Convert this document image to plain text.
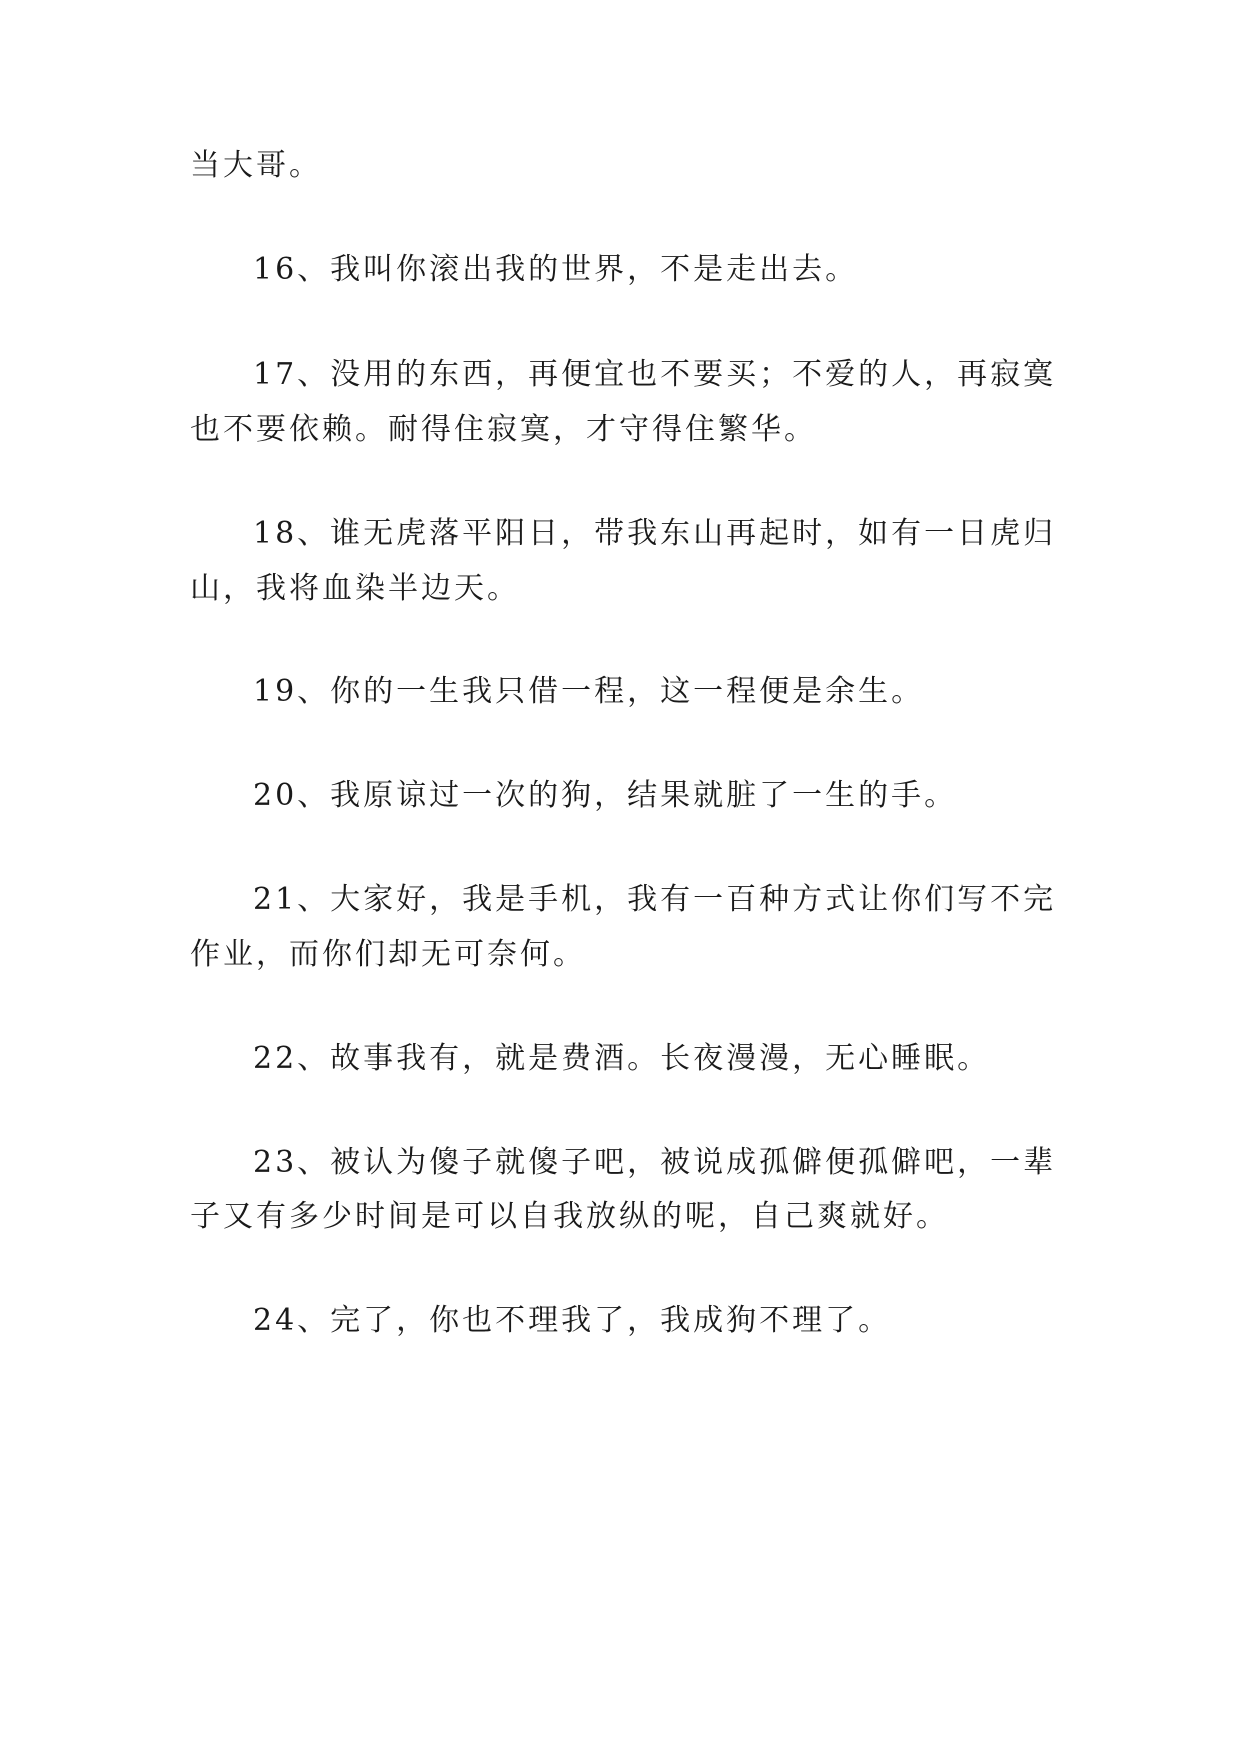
当大哥。
16、我叫你滚出我的世界，不是走出去。
17、没用的东西，再便宜也不要买；不爱的人，再寂寞
也不要依赖。耐得住寂寞，才守得住繁华。
18、谁无虎落平阳日，带我东山再起时，如有一日虎归
山，我将血染半边天。
19、你的一生我只借一程，这一程便是余生。
20、我原谅过一次的狗，结果就脏了一生的手。
21、大家好，我是手机，我有一百种方式让你们写不完
作业，而你们却无可奈何。
22、故事我有，就是费酒。长夜漫漫，无心睡眠。
23、被认为傻子就傻子吧，被说成孤僻便孤僻吧，一辈
子又有多少时间是可以自我放纵的呢，自己爽就好。
24、完了，你也不理我了，我成狗不理了。
